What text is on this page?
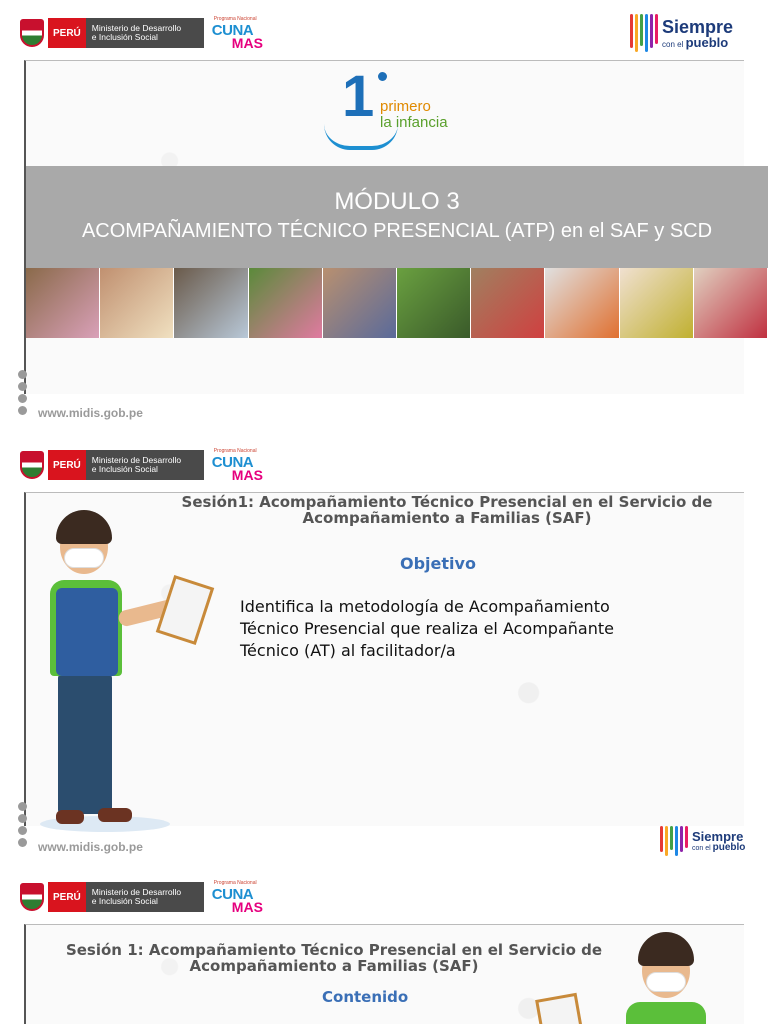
PERÚ	Ministerio de Desarrollo
e Inclusión Social
Programa Nacional
CUNA
MAS
Siempre
con el pueblo
1 primero
la infancia
MÓDULO 3
ACOMPAÑAMIENTO TÉCNICO PRESENCIAL (ATP) en el SAF y SCD
www.midis.gob.pe
PERÚ	Ministerio de Desarrollo
e Inclusión Social
Programa Nacional
CUNA
MAS
Sesión1: Acompañamiento Técnico Presencial en el Servicio de
Acompañamiento a Familias (SAF)
Objetivo
Identifica la metodología de Acompañamiento
Técnico Presencial que realiza el Acompañante
Técnico (AT) al facilitador/a
Siempre
con el pueblo
www.midis.gob.pe
PERÚ	Ministerio de Desarrollo
e Inclusión Social
Programa Nacional
CUNA
MAS
Sesión 1: Acompañamiento Técnico Presencial en el Servicio de
Acompañamiento a Familias (SAF)
Contenido
